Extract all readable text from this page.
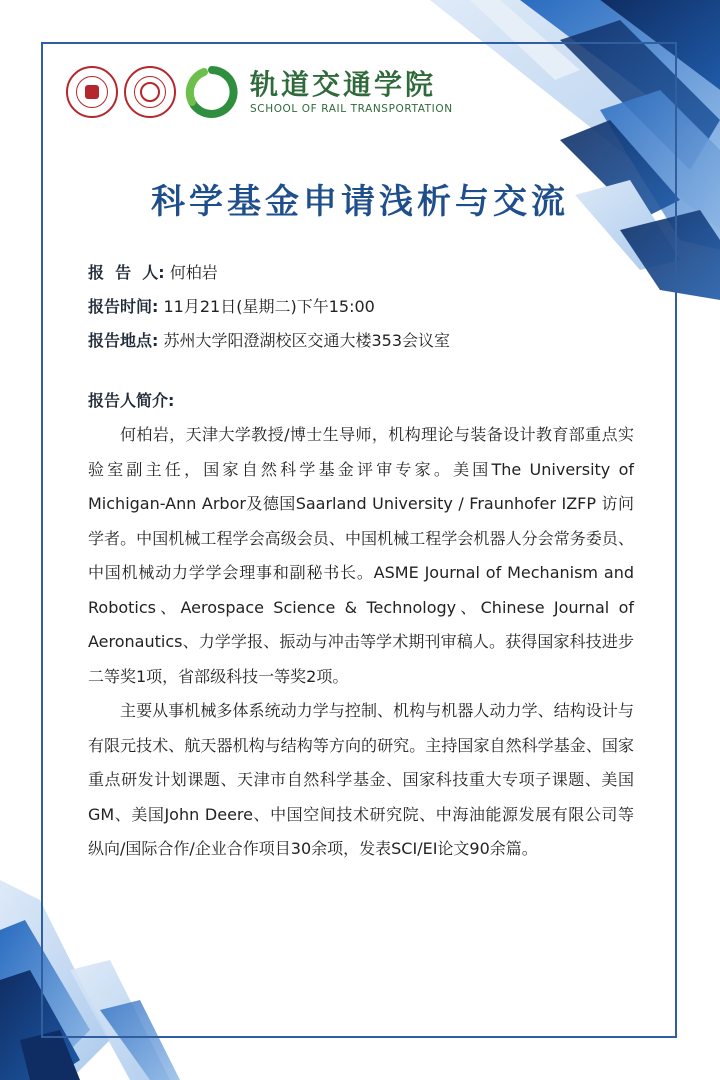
轨道交通学院
SCHOOL OF RAIL TRANSPORTATION
科学基金申请浅析与交流
报  告  人: 何柏岩
报告时间: 11月21日(星期二)下午15:00
报告地点: 苏州大学阳澄湖校区交通大楼353会议室
报告人简介:

何柏岩，天津大学教授/博士生导师，机构理论与装备设计教育部重点实验室副主任，国家自然科学基金评审专家。美国The University of Michigan-Ann Arbor及德国Saarland University / Fraunhofer IZFP 访问学者。中国机械工程学会高级会员、中国机械工程学会机器人分会常务委员、中国机械动力学学会理事和副秘书长。ASME Journal of Mechanism and Robotics、Aerospace Science & Technology、Chinese Journal of Aeronautics、力学学报、振动与冲击等学术期刊审稿人。获得国家科技进步二等奖1项，省部级科技一等奖2项。

主要从事机械多体系统动力学与控制、机构与机器人动力学、结构设计与有限元技术、航天器机构与结构等方向的研究。主持国家自然科学基金、国家重点研发计划课题、天津市自然科学基金、国家科技重大专项子课题、美国GM、美国John Deere、中国空间技术研究院、中海油能源发展有限公司等纵向/国际合作/企业合作项目30余项，发表SCI/EI论文90余篇。
